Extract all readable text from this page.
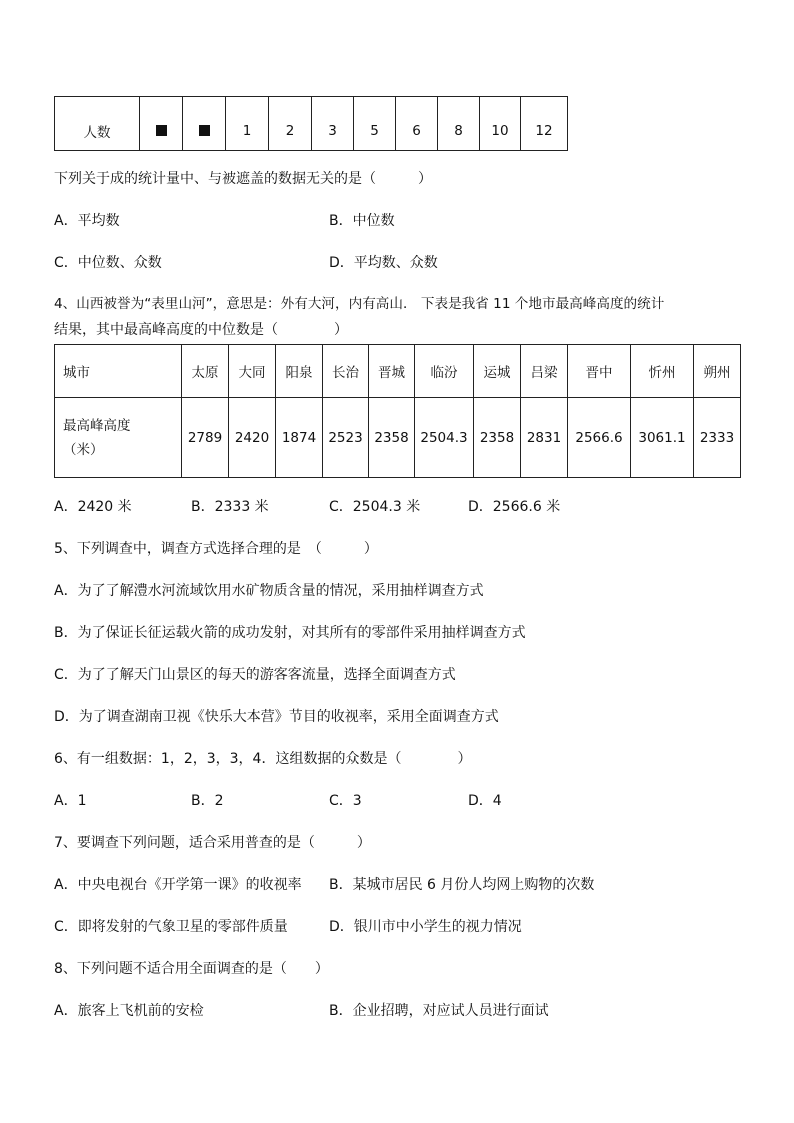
人数			1	2	3	5	6	8	10	12
下列关于成的统计量中、与被遮盖的数据无关的是（　　　）
A．平均数	B．中位数
C．中位数、众数	D．平均数、众数
4、山西被誉为“表里山河”，意思是：外有大河，内有高山． 下表是我省 11 个地市最高峰高度的统计
结果，其中最高峰高度的中位数是（　　　　）
城市	太原	大同	阳泉	长治	晋城	临汾	运城	吕梁	晋中	忻州	朔州

最高峰高度
（米）	2789	2420	1874	2523	2358	2504.3	2358	2831	2566.6	3061.1	2333
A．2420 米	B．2333 米	C．2504.3 米	D．2566.6 米
5、下列调查中，调查方式选择合理的是　（　　　）
A．为了了解澧水河流域饮用水矿物质含量的情况，采用抽样调查方式
B．为了保证长征运载火箭的成功发射，对其所有的零部件采用抽样调查方式
C．为了了解天门山景区的每天的游客客流量，选择全面调查方式
D．为了调查湖南卫视《快乐大本营》节目的收视率，采用全面调查方式
6、有一组数据：1，2，3，3，4．这组数据的众数是（　　　　）
A．1	B．2	C．3	D．4
7、要调查下列问题，适合采用普查的是（　　　）
A．中央电视台《开学第一课》的收视率 B．某城市居民 6 月份人均网上购物的次数
C．即将发射的气象卫星的零部件质量	D．银川市中小学生的视力情况
8、下列问题不适合用全面调查的是（　　）
A．旅客上飞机前的安检	B．企业招聘，对应试人员进行面试
